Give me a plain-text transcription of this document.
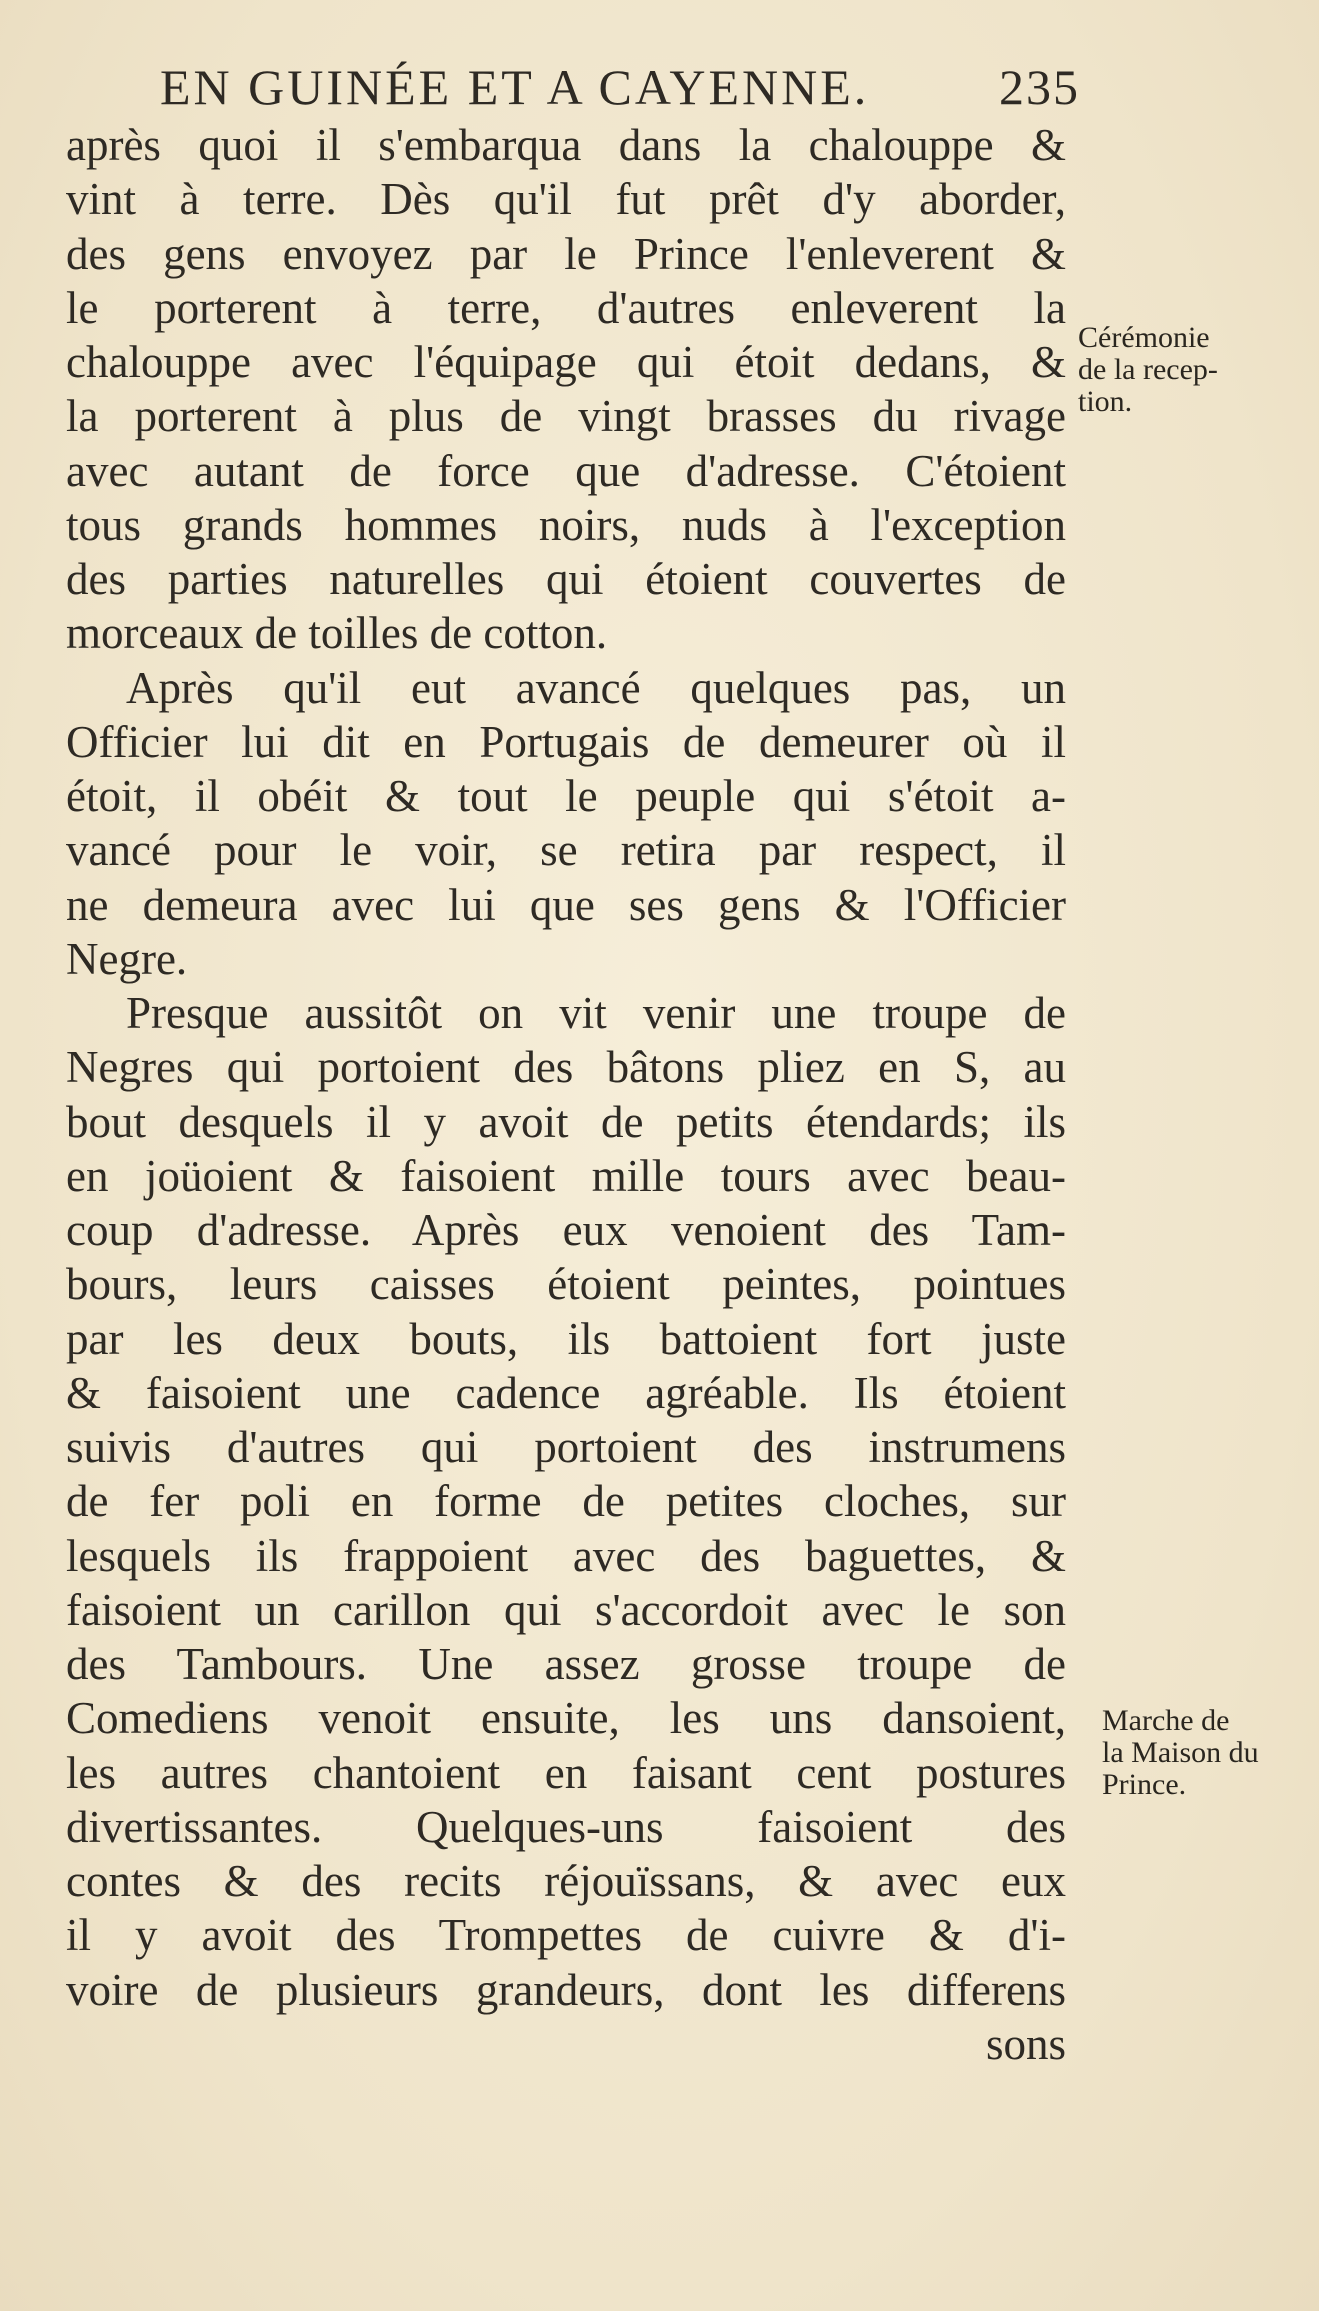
EN GUINÉE ET A CAYENNE.	235
après quoi il s'embarqua dans la chalouppe &
vint à terre. Dès qu'il fut prêt d'y aborder,
des gens envoyez par le Prince l'enleverent &
le porterent à terre, d'autres enleverent la
chalouppe avec l'équipage qui étoit dedans, &
la porterent à plus de vingt brasses du rivage
avec autant de force que d'adresse. C'étoient
tous grands hommes noirs, nuds à l'exception
des parties naturelles qui étoient couvertes de
morceaux de toilles de cotton.
Après qu'il eut avancé quelques pas, un
Officier lui dit en Portugais de demeurer où il
étoit, il obéit & tout le peuple qui s'étoit a-
vancé pour le voir, se retira par respect, il
ne demeura avec lui que ses gens & l'Officier
Negre.
Presque aussitôt on vit venir une troupe de
Negres qui portoient des bâtons pliez en S, au
bout desquels il y avoit de petits étendards; ils
en joüoient & faisoient mille tours avec beau-
coup d'adresse. Après eux venoient des Tam-
bours, leurs caisses étoient peintes, pointues
par les deux bouts, ils battoient fort juste
& faisoient une cadence agréable. Ils étoient
suivis d'autres qui portoient des instrumens
de fer poli en forme de petites cloches, sur
lesquels ils frappoient avec des baguettes, &
faisoient un carillon qui s'accordoit avec le son
des Tambours. Une assez grosse troupe de
Comediens venoit ensuite, les uns dansoient,
les autres chantoient en faisant cent postures
divertissantes. Quelques-uns faisoient des
contes & des recits réjouïssans, & avec eux
il y avoit des Trompettes de cuivre & d'i-
voire de plusieurs grandeurs, dont les differens
sons
Cérémonie
de la recep-
tion.
Marche de
la Maison du
Prince.
